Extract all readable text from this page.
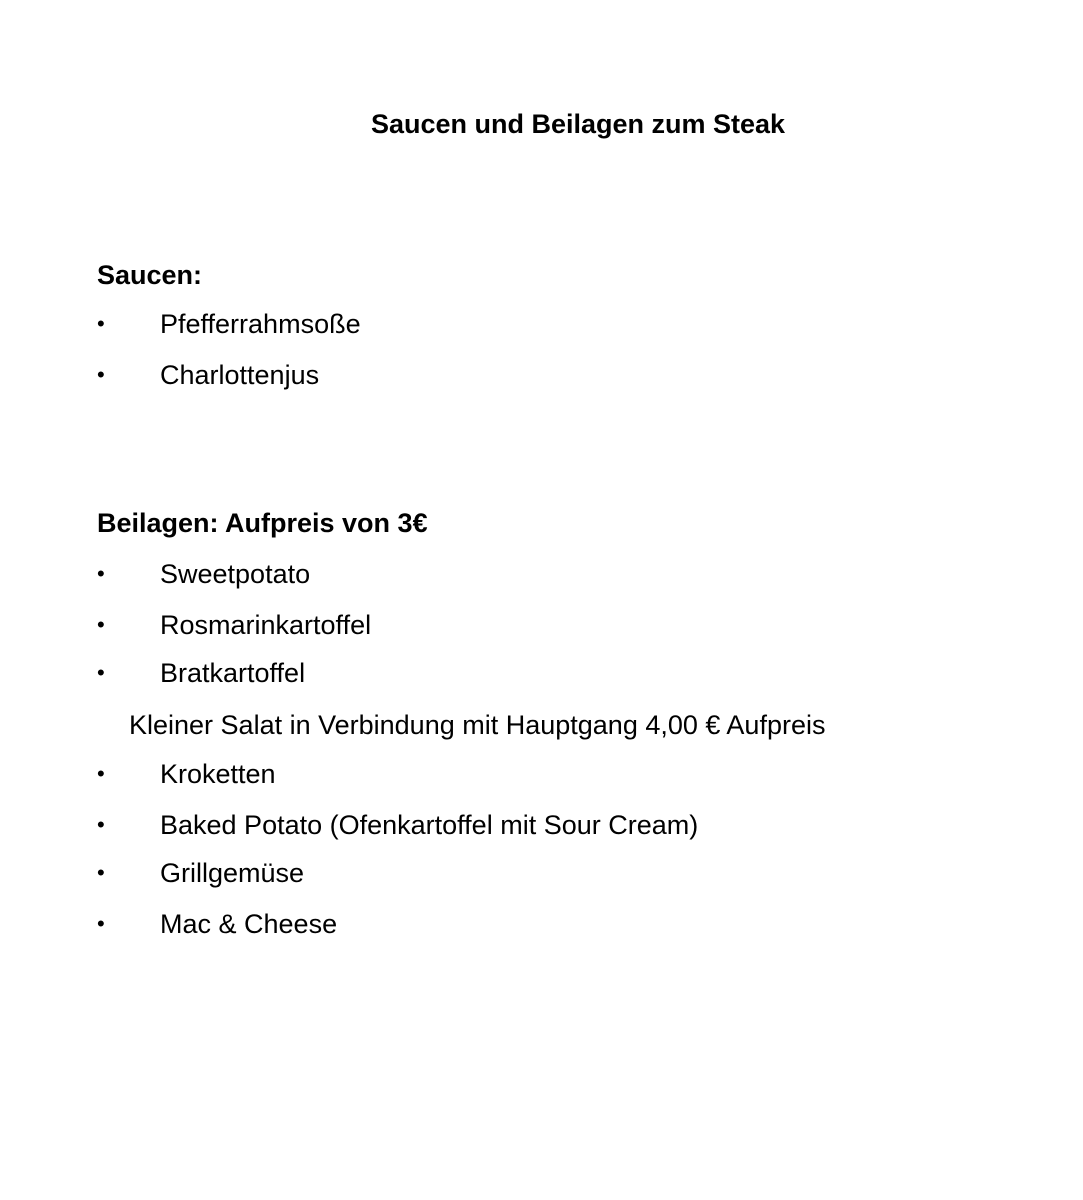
Saucen und Beilagen zum Steak
Saucen:
• Pfefferrahmsoße
• Charlottenjus
Beilagen: Aufpreis von 3€
• Sweetpotato
• Rosmarinkartoffel
• Bratkartoffel
Kleiner Salat in Verbindung mit Hauptgang 4,00 € Aufpreis
• Kroketten
• Baked Potato (Ofenkartoffel mit Sour Cream)
• Grillgemüse
• Mac & Cheese
